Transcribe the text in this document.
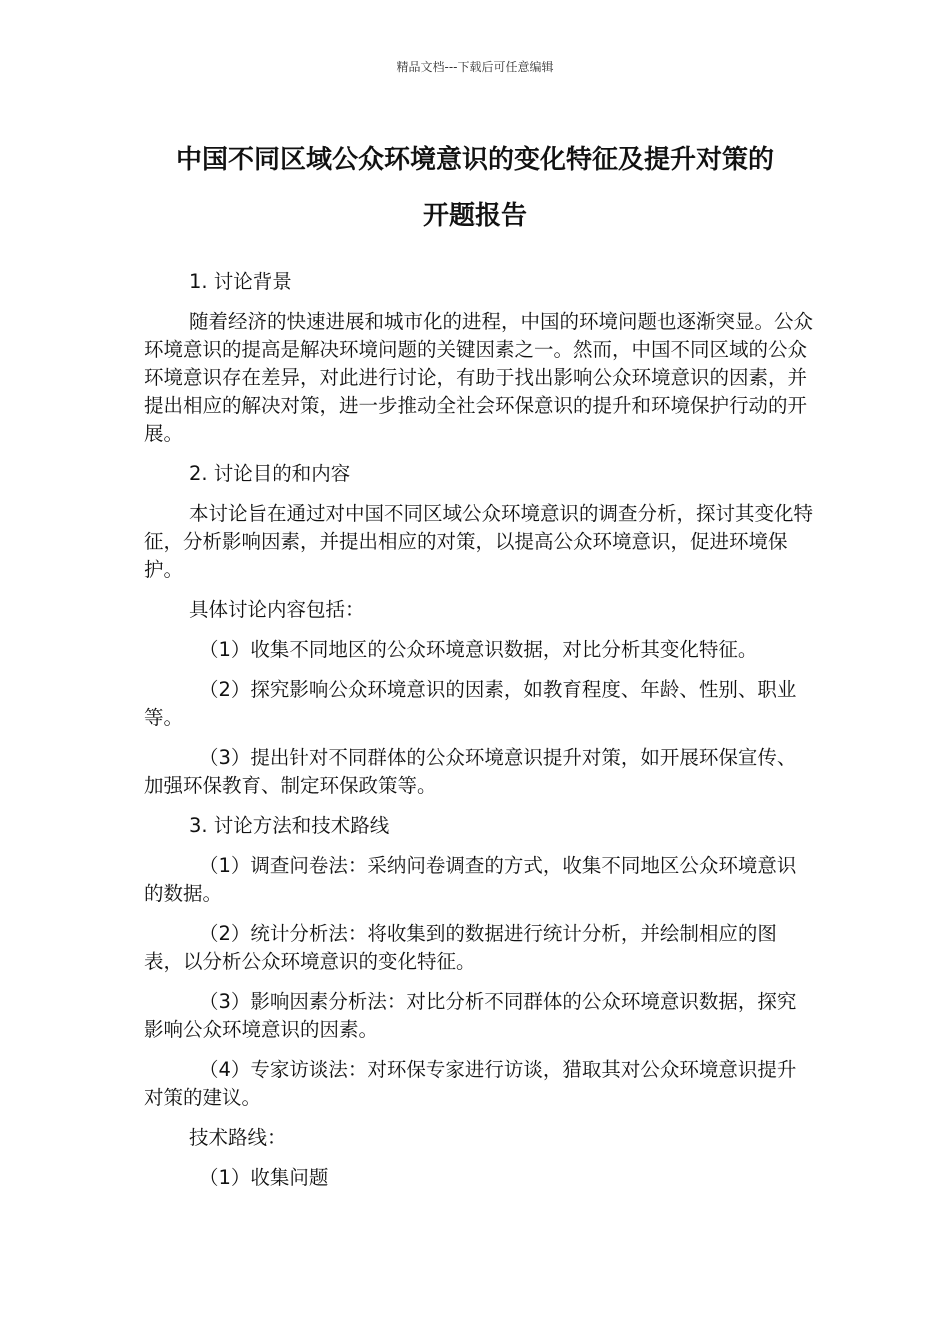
精品文档---下载后可任意编辑
中国不同区域公众环境意识的变化特征及提升对策的
开题报告

1. 讨论背景

随着经济的快速进展和城市化的进程，中国的环境问题也逐渐突显。公众环境意识的提高是解决环境问题的关键因素之一。然而，中国不同区域的公众环境意识存在差异，对此进行讨论，有助于找出影响公众环境意识的因素，并提出相应的解决对策，进一步推动全社会环保意识的提升和环境保护行动的开展。

2. 讨论目的和内容

本讨论旨在通过对中国不同区域公众环境意识的调查分析，探讨其变化特征，分析影响因素，并提出相应的对策，以提高公众环境意识，促进环境保护。

具体讨论内容包括：

（1）收集不同地区的公众环境意识数据，对比分析其变化特征。

（2）探究影响公众环境意识的因素，如教育程度、年龄、性别、职业等。

（3）提出针对不同群体的公众环境意识提升对策，如开展环保宣传、加强环保教育、制定环保政策等。

3. 讨论方法和技术路线

（1）调查问卷法：采纳问卷调查的方式，收集不同地区公众环境意识的数据。

（2）统计分析法：将收集到的数据进行统计分析，并绘制相应的图表，以分析公众环境意识的变化特征。

（3）影响因素分析法：对比分析不同群体的公众环境意识数据，探究影响公众环境意识的因素。

（4）专家访谈法：对环保专家进行访谈，猎取其对公众环境意识提升对策的建议。

技术路线：

（1）收集问题
